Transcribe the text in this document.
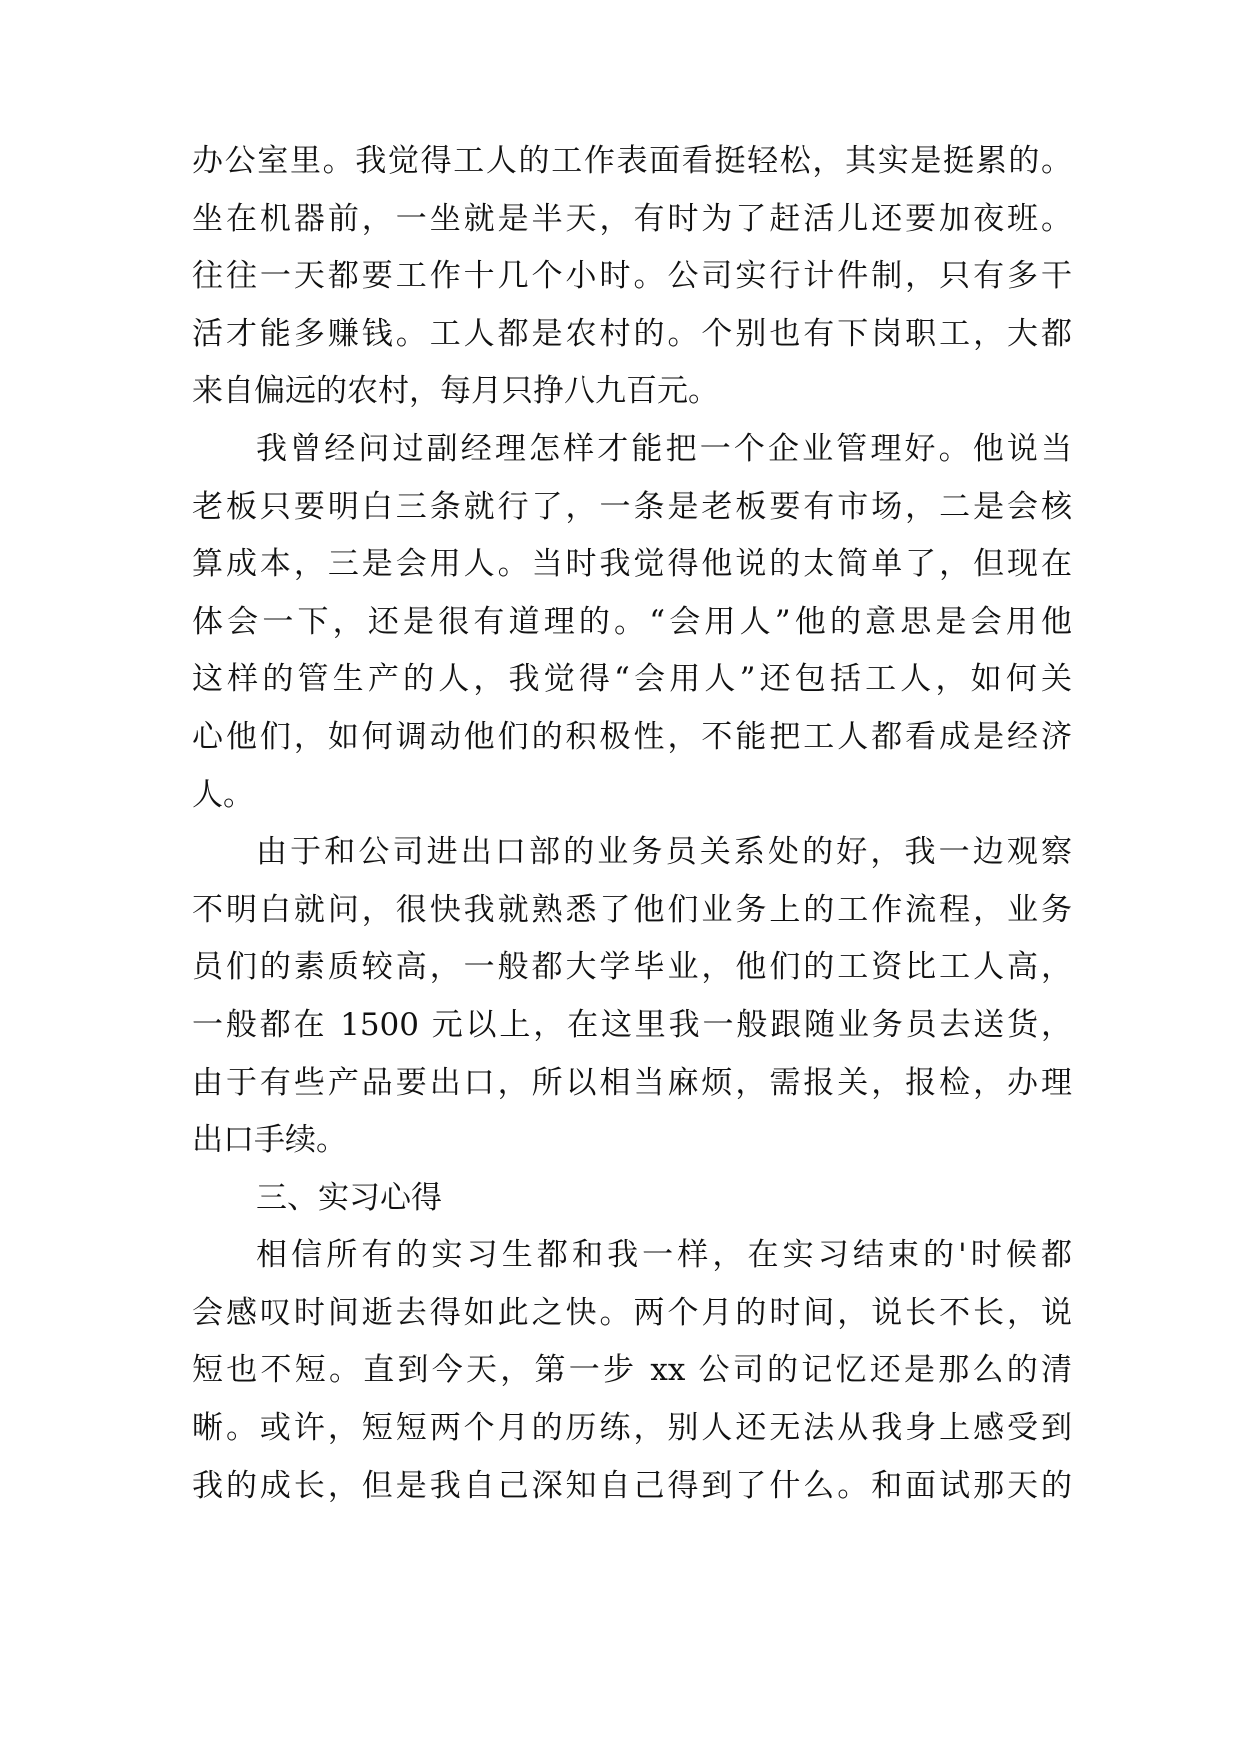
办公室里。我觉得工人的工作表面看挺轻松，其实是挺累的。
坐在机器前，一坐就是半天，有时为了赶活儿还要加夜班。
往往一天都要工作十几个小时。公司实行计件制，只有多干
活才能多赚钱。工人都是农村的。个别也有下岗职工，大都
来自偏远的农村，每月只挣八九百元。
我曾经问过副经理怎样才能把一个企业管理好。他说当
老板只要明白三条就行了，一条是老板要有市场，二是会核
算成本，三是会用人。当时我觉得他说的太简单了，但现在
体会一下，还是很有道理的。“会用人”他的意思是会用他
这样的管生产的人，我觉得“会用人”还包括工人，如何关
心他们，如何调动他们的积极性，不能把工人都看成是经济
人。
由于和公司进出口部的业务员关系处的好，我一边观察
不明白就问，很快我就熟悉了他们业务上的工作流程，业务
员们的素质较高，一般都大学毕业，他们的工资比工人高，
一般都在 1500 元以上，在这里我一般跟随业务员去送货，
由于有些产品要出口，所以相当麻烦，需报关，报检，办理
出口手续。
三、实习心得
相信所有的实习生都和我一样，在实习结束的'时候都
会感叹时间逝去得如此之快。两个月的时间，说长不长，说
短也不短。直到今天，第一步 xx 公司的记忆还是那么的清
晰。或许，短短两个月的历练，别人还无法从我身上感受到
我的成长，但是我自己深知自己得到了什么。和面试那天的
